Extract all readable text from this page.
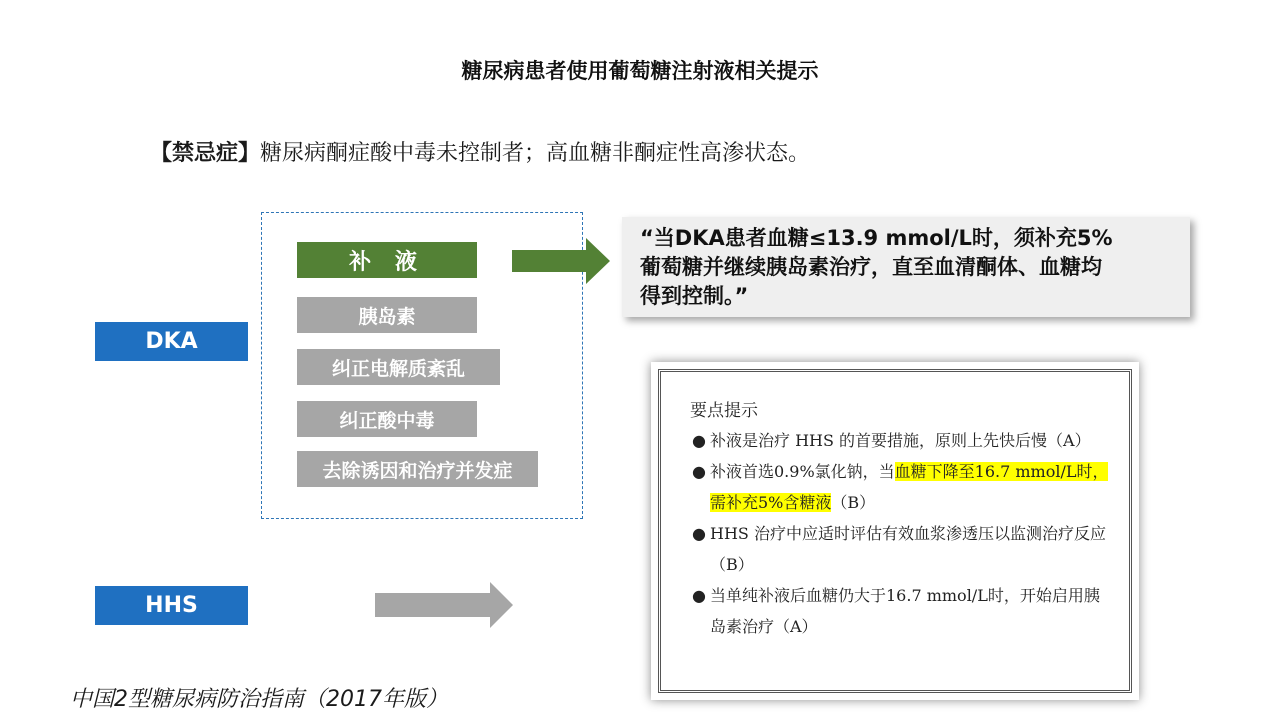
糖尿病患者使用葡萄糖注射液相关提示
【禁忌症】糖尿病酮症酸中毒未控制者；高血糖非酮症性高渗状态。
补 液
胰岛素
纠正电解质紊乱
纠正酸中毒
去除诱因和治疗并发症
DKA
HHS
“当DKA患者血糖≤13.9 mmol/L时，须补充5%
葡萄糖并继续胰岛素治疗，直至血清酮体、血糖均
得到控制。”
要点提示
● 补液是治疗 HHS 的首要措施，原则上先快后慢（A）
● 补液首选0.9%氯化钠，当血糖下降至16.7 mmol/L时，需补充5%含糖液（B）
● HHS 治疗中应适时评估有效血浆渗透压以监测治疗反应（B）
● 当单纯补液后血糖仍大于16.7 mmol/L时，开始启用胰岛素治疗（A）
中国2型糖尿病防治指南（2017年版）
